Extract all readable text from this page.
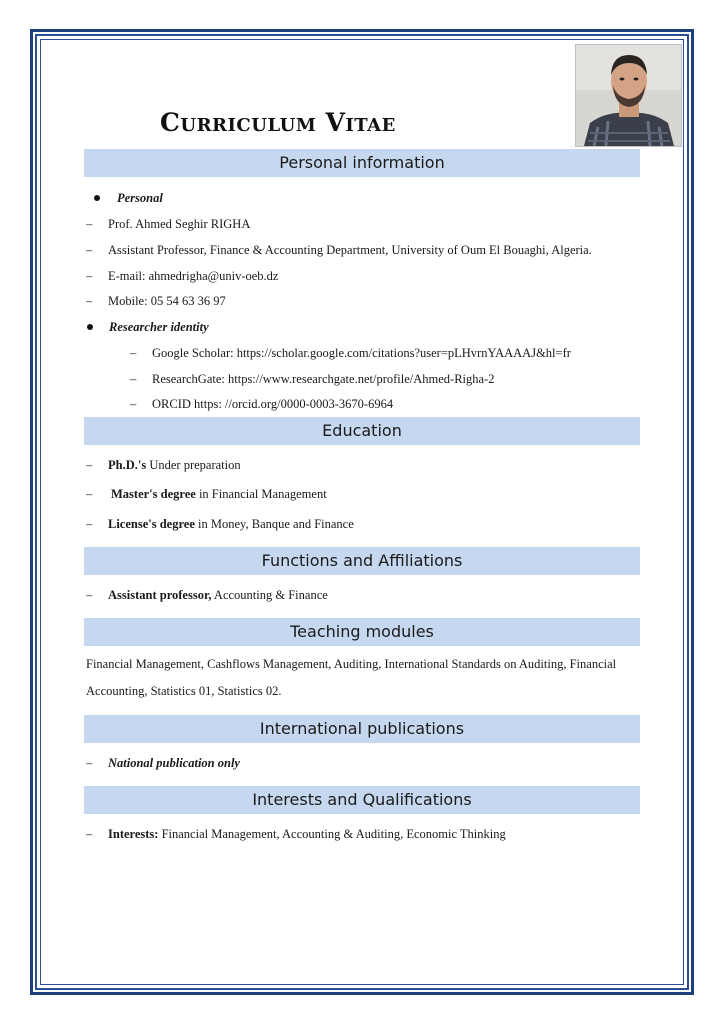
Curriculum Vitae
Personal information
Personal
– Prof. Ahmed Seghir RIGHA
– Assistant Professor, Finance & Accounting Department, University of Oum El Bouaghi, Algeria.
– E-mail: ahmedrigha@univ-oeb.dz
– Mobile: 05 54 63 36 97
Researcher identity
– Google Scholar: https://scholar.google.com/citations?user=pLHvrnYAAAAJ&hl=fr
– ResearchGate: https://www.researchgate.net/profile/Ahmed-Righa-2
– ORCID https: //orcid.org/0000-0003-3670-6964
Education
– Ph.D.'s Under preparation
– Master's degree in Financial Management
– License's degree in Money, Banque and Finance
Functions and Affiliations
– Assistant professor, Accounting & Finance
Teaching modules
Financial Management, Cashflows Management, Auditing, International Standards on Auditing, Financial Accounting, Statistics 01, Statistics 02.
International publications
– National publication only
Interests and Qualifications
– Interests: Financial Management, Accounting & Auditing, Economic Thinking
